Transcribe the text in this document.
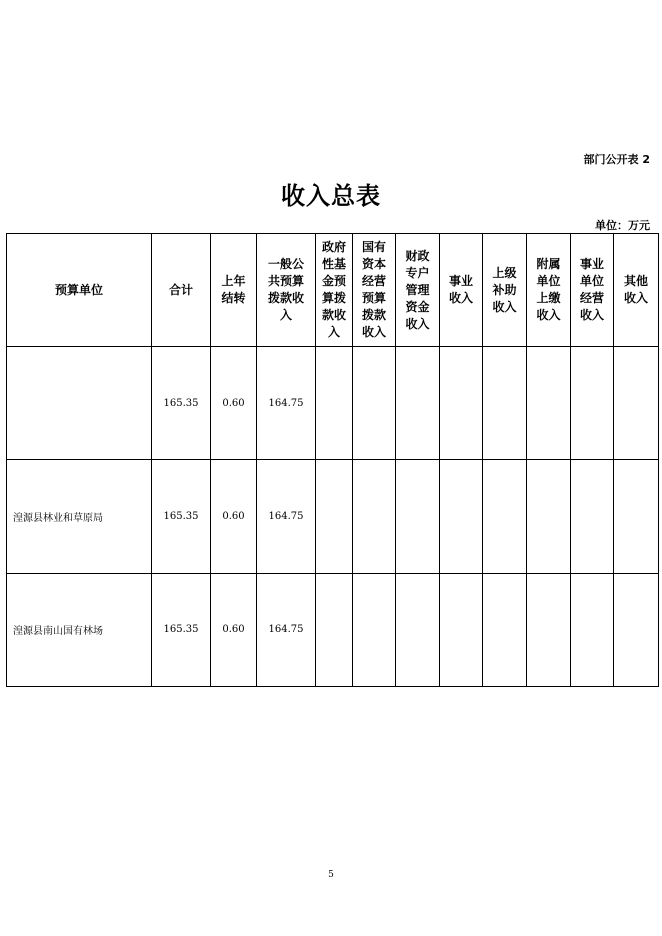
部门公开表 2
收入总表
单位：万元
预算单位	合计	上年结转	一般公共预算拨款收入	政府性基金预算拨款收入	国有资本经营预算拨款收入	财政专户管理资金收入	事业收入	上级补助收入	附属单位上缴收入	事业单位经营收入	其他收入
	165.35	0.60	164.75								
湟源县林业和草原局	165.35	0.60	164.75								
湟源县南山国有林场	165.35	0.60	164.75								
5
